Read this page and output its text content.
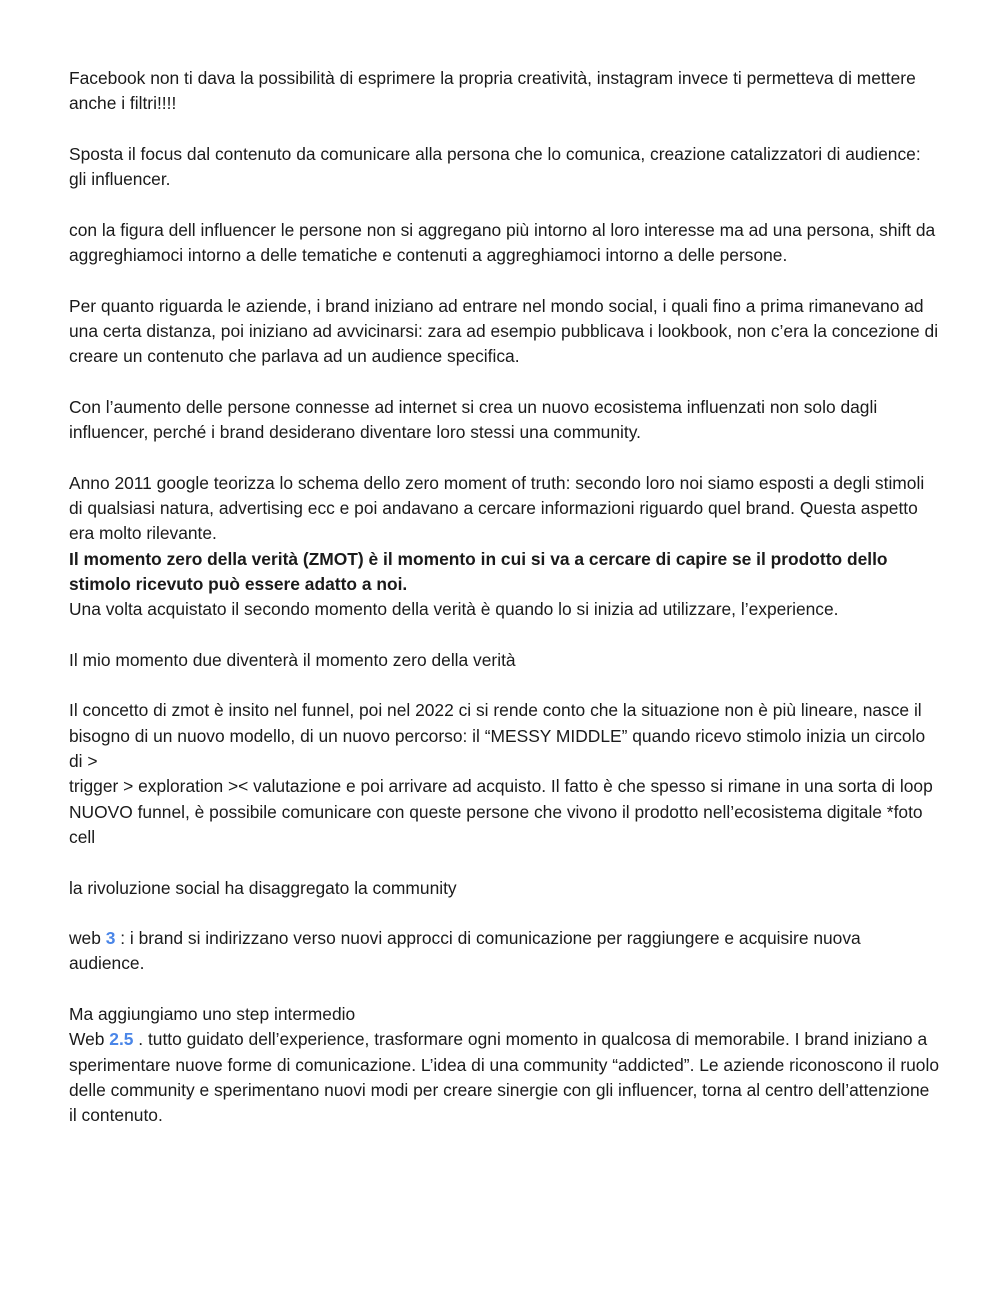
Facebook non ti dava la possibilità di esprimere la propria creatività, instagram invece ti permetteva di mettere anche i filtri!!!!

Sposta il focus dal contenuto da comunicare alla persona che lo comunica, creazione catalizzatori di audience: gli influencer.

con la figura dell influencer le persone non si aggregano più intorno al loro interesse ma ad una persona, shift da aggreghiamoci intorno a delle tematiche e contenuti a aggreghiamoci intorno a delle persone.

Per quanto riguarda le aziende, i brand iniziano ad entrare nel mondo social, i quali fino a prima rimanevano ad una certa distanza, poi iniziano ad avvicinarsi: zara ad esempio pubblicava i lookbook, non c’era la concezione di creare un contenuto che parlava ad un audience specifica.

Con l’aumento delle persone connesse ad internet si crea un nuovo ecosistema influenzati non solo dagli influencer, perché i brand desiderano diventare loro stessi una community.

Anno 2011 google teorizza lo schema dello zero moment of truth: secondo loro noi siamo esposti a degli stimoli di qualsiasi natura, advertising ecc e poi andavano a cercare informazioni riguardo quel brand. Questa aspetto era molto rilevante.

Il momento zero della verità (ZMOT) è il momento in cui si va a cercare di capire se il prodotto dello stimolo ricevuto può essere adatto a noi.

Una volta acquistato il secondo momento della verità è quando lo si inizia ad utilizzare, l’experience.

Il mio momento due diventerà il momento zero della verità

Il concetto di zmot è insito nel funnel, poi nel 2022 ci si rende conto che la situazione non è più lineare, nasce il bisogno di un nuovo modello, di un nuovo percorso: il “MESSY MIDDLE” quando ricevo stimolo inizia un circolo di >

trigger > exploration >< valutazione e poi arrivare ad acquisto. Il fatto è che spesso si rimane in una sorta di loop

NUOVO funnel, è possibile comunicare con queste persone che vivono il prodotto nell’ecosistema digitale *foto cell

la rivoluzione social ha disaggregato la community

web 3 : i brand si indirizzano verso nuovi approcci di comunicazione per raggiungere e acquisire nuova audience.

Ma aggiungiamo uno step intermedio

Web 2.5 . tutto guidato dell’experience, trasformare ogni momento in qualcosa di memorabile. I brand iniziano a sperimentare nuove forme di comunicazione. L’idea di una community “addicted”. Le aziende riconoscono il ruolo delle community e sperimentano nuovi modi per creare sinergie con gli influencer, torna al centro dell’attenzione il contenuto.
